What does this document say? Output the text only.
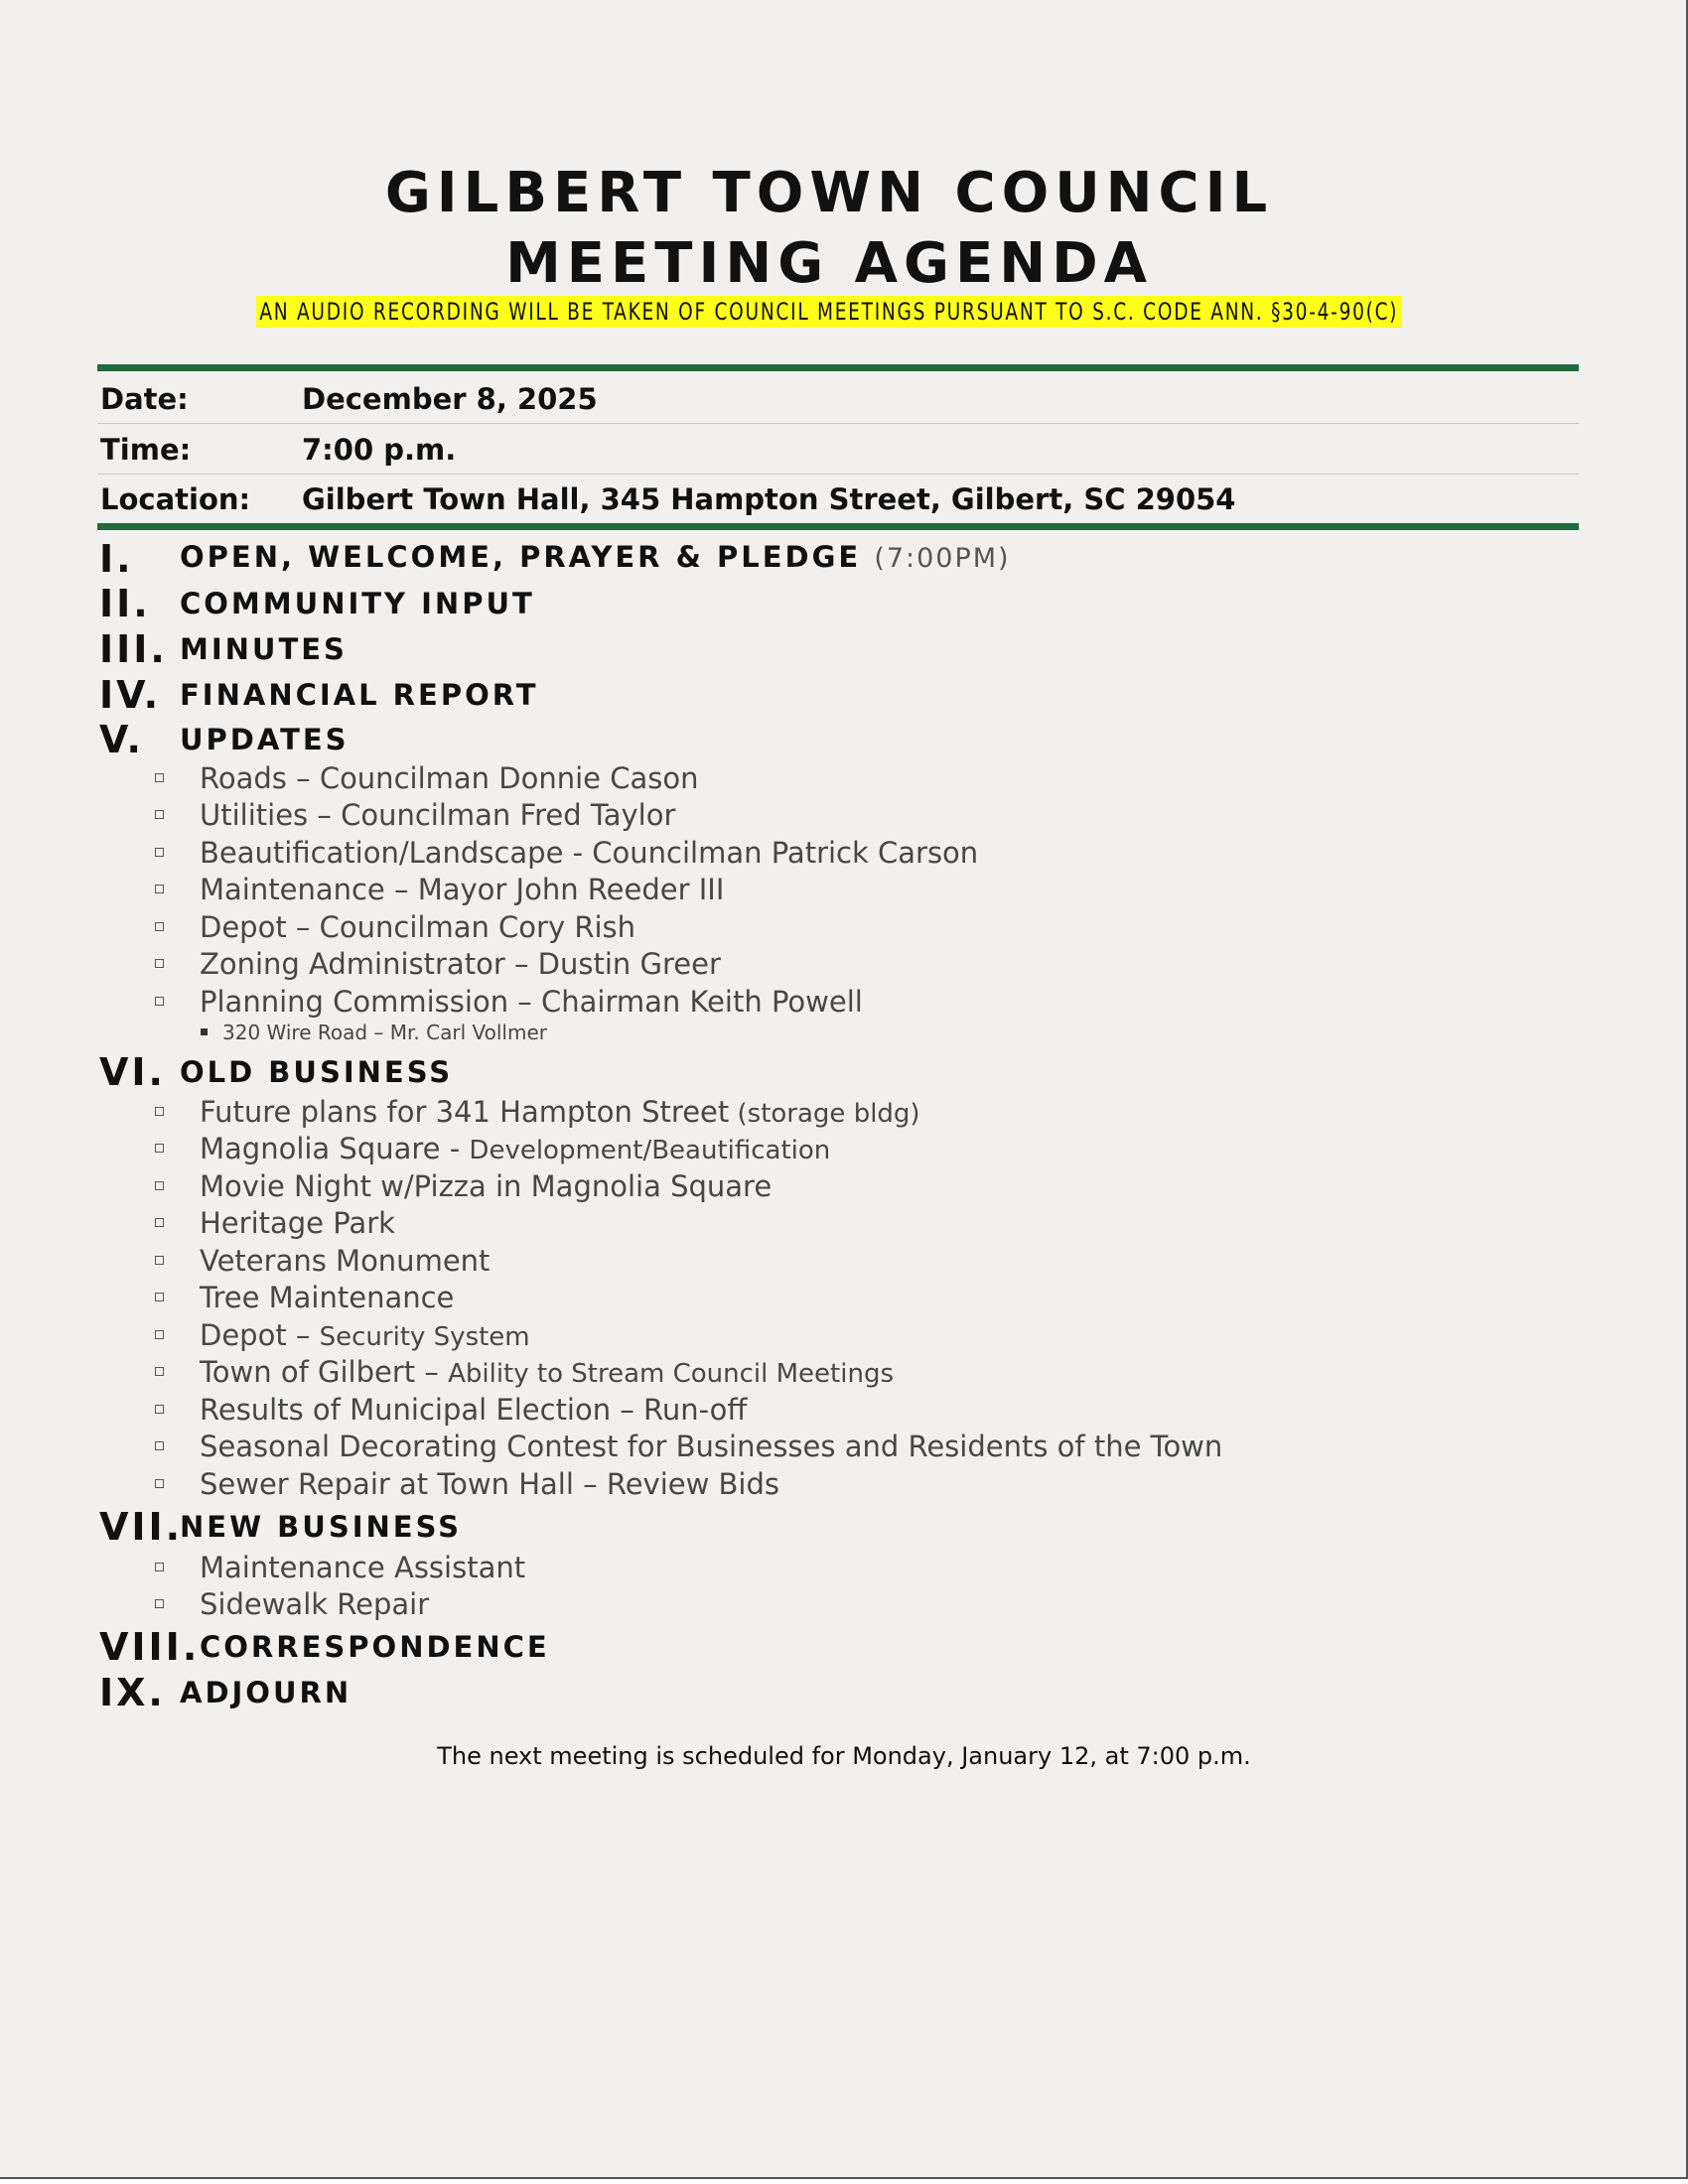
GILBERT TOWN COUNCIL
MEETING AGENDA
AN AUDIO RECORDING WILL BE TAKEN OF COUNCIL MEETINGS PURSUANT TO S.C. CODE ANN. §30-4-90(C)
Date:	December 8, 2025
Time:	7:00 p.m.
Location: Gilbert Town Hall, 345 Hampton Street, Gilbert, SC 29054
I. OPEN, WELCOME, PRAYER & PLEDGE (7:00PM)
II. COMMUNITY INPUT
III. MINUTES
IV. FINANCIAL REPORT
V. UPDATES
Roads – Councilman Donnie Cason
Utilities – Councilman Fred Taylor
Beautification/Landscape - Councilman Patrick Carson
Maintenance – Mayor John Reeder III
Depot – Councilman Cory Rish
Zoning Administrator – Dustin Greer
Planning Commission – Chairman Keith Powell
320 Wire Road – Mr. Carl Vollmer
VI. OLD BUSINESS
Future plans for 341 Hampton Street (storage bldg)
Magnolia Square - Development/Beautification
Movie Night w/Pizza in Magnolia Square
Heritage Park
Veterans Monument
Tree Maintenance
Depot – Security System
Town of Gilbert – Ability to Stream Council Meetings
Results of Municipal Election – Run-off
Seasonal Decorating Contest for Businesses and Residents of the Town
Sewer Repair at Town Hall – Review Bids
VII.
NEW BUSINESS
Maintenance Assistant
Sidewalk Repair
VIII. CORRESPONDENCE
IX. ADJOURN
The next meeting is scheduled for Monday, January 12, at 7:00 p.m.
